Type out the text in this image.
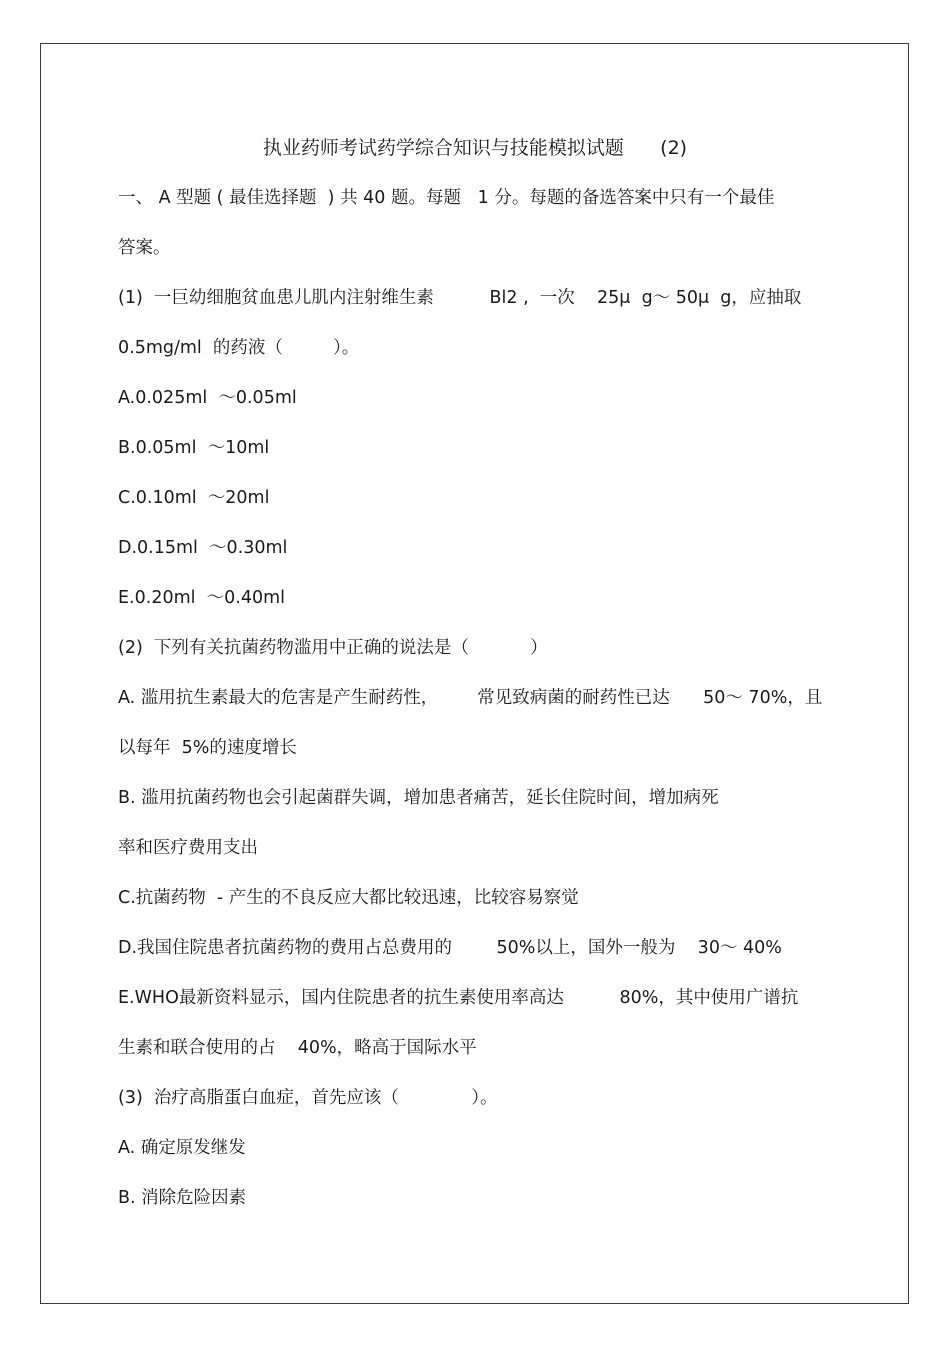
执业药师考试药学综合知识与技能模拟试题      (2)
一、 A 型题 ( 最佳选择题  ) 共 40 题。每题   1 分。每题的备选答案中只有一个最佳
答案。
(1)  一巨幼细胞贫血患儿肌内注射维生素          Bl2 ,  一次    25μ  g～ 50μ  g，应抽取
0.5mg/ml  的药液（         ）。
A.0.025ml  ～0.05ml
B.0.05ml  ～10ml
C.0.10ml  ～20ml
D.0.15ml  ～0.30ml
E.0.20ml  ～0.40ml
(2)  下列有关抗菌药物滥用中正确的说法是（           ）
A. 滥用抗生素最大的危害是产生耐药性，       常见致病菌的耐药性已达      50～ 70%，且
以每年  5%的速度增长
B. 滥用抗菌药物也会引起菌群失调，增加患者痛苦，延长住院时间，增加病死
率和医疗费用支出
C.抗菌药物  - 产生的不良反应大都比较迅速，比较容易察觉
D.我国住院患者抗菌药物的费用占总费用的        50%以上，国外一般为    30～ 40%
E.WHO最新资料显示，国内住院患者的抗生素使用率高达          80%，其中使用广谱抗
生素和联合使用的占    40%，略高于国际水平
(3)  治疗高脂蛋白血症，首先应该（             ）。
A. 确定原发继发
B. 消除危险因素
